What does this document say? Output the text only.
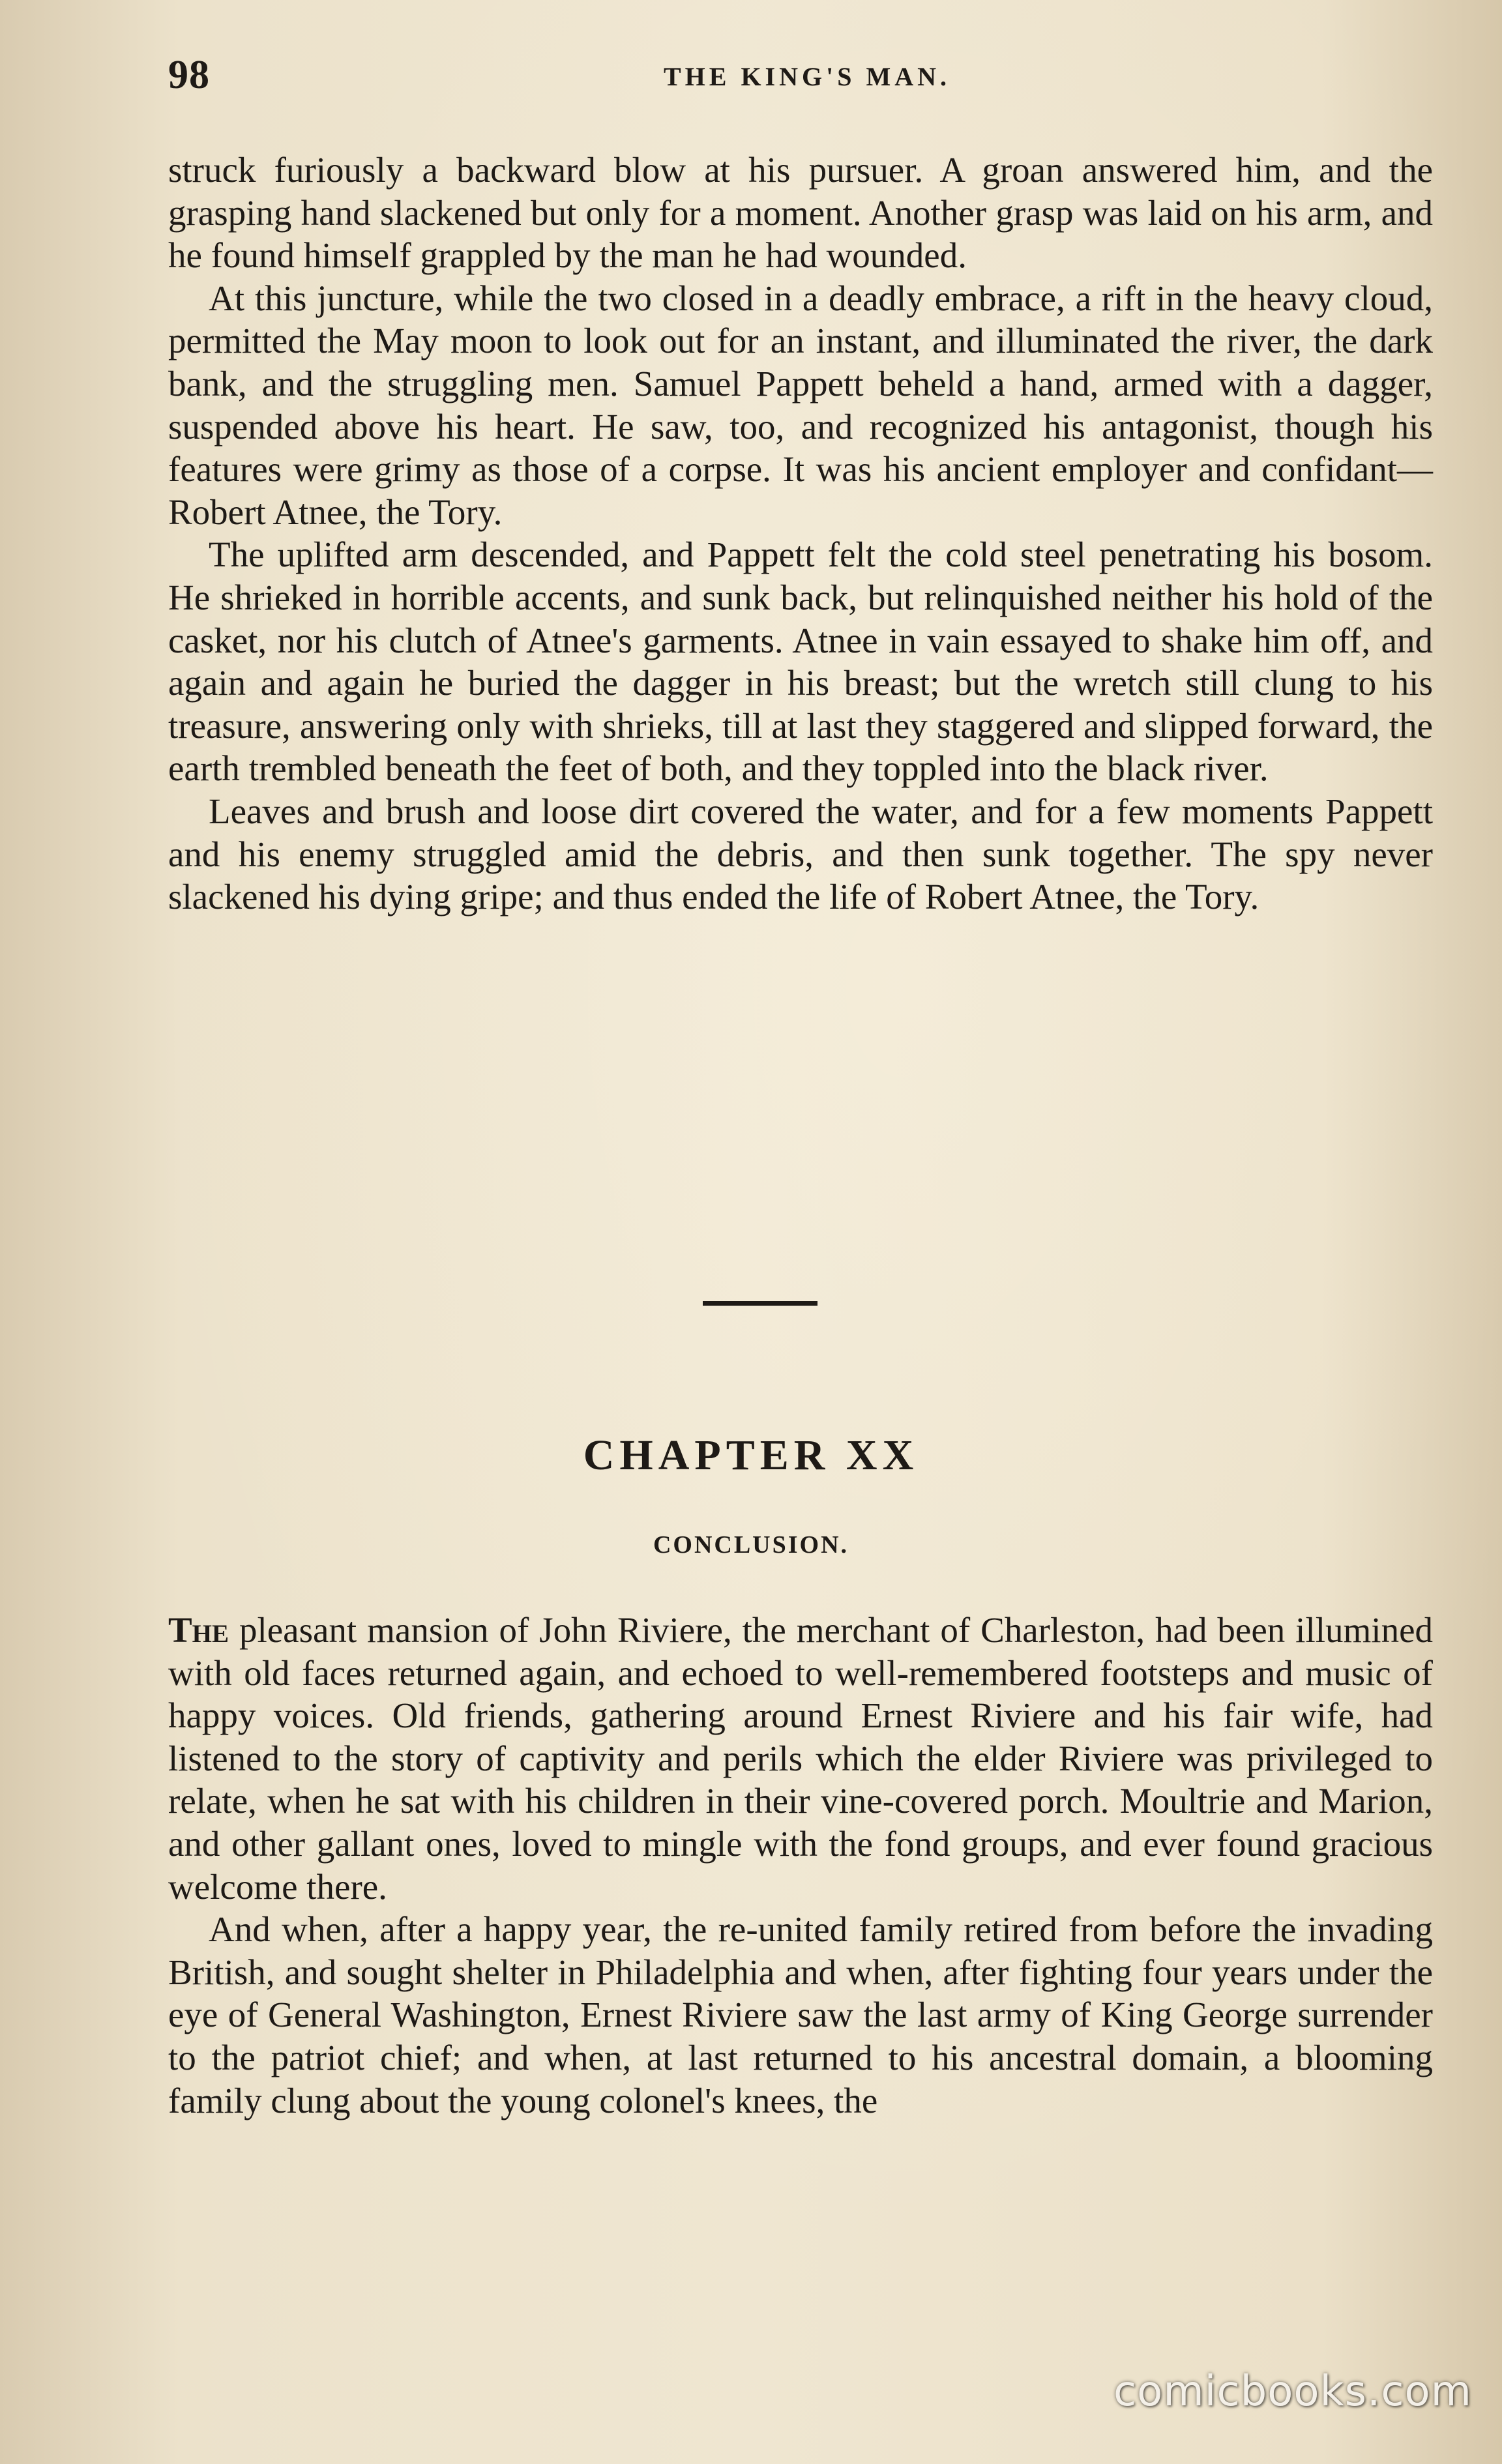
98	THE KING'S MAN.

struck furiously a backward blow at his pursuer. A groan answered him, and the grasping hand slackened but only for a moment. Another grasp was laid on his arm, and he found himself grappled by the man he had wounded.

At this juncture, while the two closed in a deadly embrace, a rift in the heavy cloud, permitted the May moon to look out for an instant, and illuminated the river, the dark bank, and the struggling men. Samuel Pappett beheld a hand, armed with a dagger, suspended above his heart. He saw, too, and recognized his antagonist, though his features were grimy as those of a corpse. It was his ancient employer and confidant—Robert Atnee, the Tory.

The uplifted arm descended, and Pappett felt the cold steel penetrating his bosom. He shrieked in horrible accents, and sunk back, but relinquished neither his hold of the casket, nor his clutch of Atnee's garments. Atnee in vain essayed to shake him off, and again and again he buried the dagger in his breast; but the wretch still clung to his treasure, answering only with shrieks, till at last they staggered and slipped forward, the earth trembled beneath the feet of both, and they toppled into the black river.

Leaves and brush and loose dirt covered the water, and for a few moments Pappett and his enemy struggled amid the debris, and then sunk together. The spy never slackened his dying gripe; and thus ended the life of Robert Atnee, the Tory.

CHAPTER XX
CONCLUSION.

The pleasant mansion of John Riviere, the merchant of Charleston, had been illumined with old faces returned again, and echoed to well-remembered footsteps and music of happy voices. Old friends, gathering around Ernest Riviere and his fair wife, had listened to the story of captivity and perils which the elder Riviere was privileged to relate, when he sat with his children in their vine-covered porch. Moultrie and Marion, and other gallant ones, loved to mingle with the fond groups, and ever found gracious welcome there.

And when, after a happy year, the re-united family retired from before the invading British, and sought shelter in Philadelphia and when, after fighting four years under the eye of General Washington, Ernest Riviere saw the last army of King George surrender to the patriot chief; and when, at last returned to his ancestral domain, a blooming family clung about the young colonel's knees, the

comicbooks.com
